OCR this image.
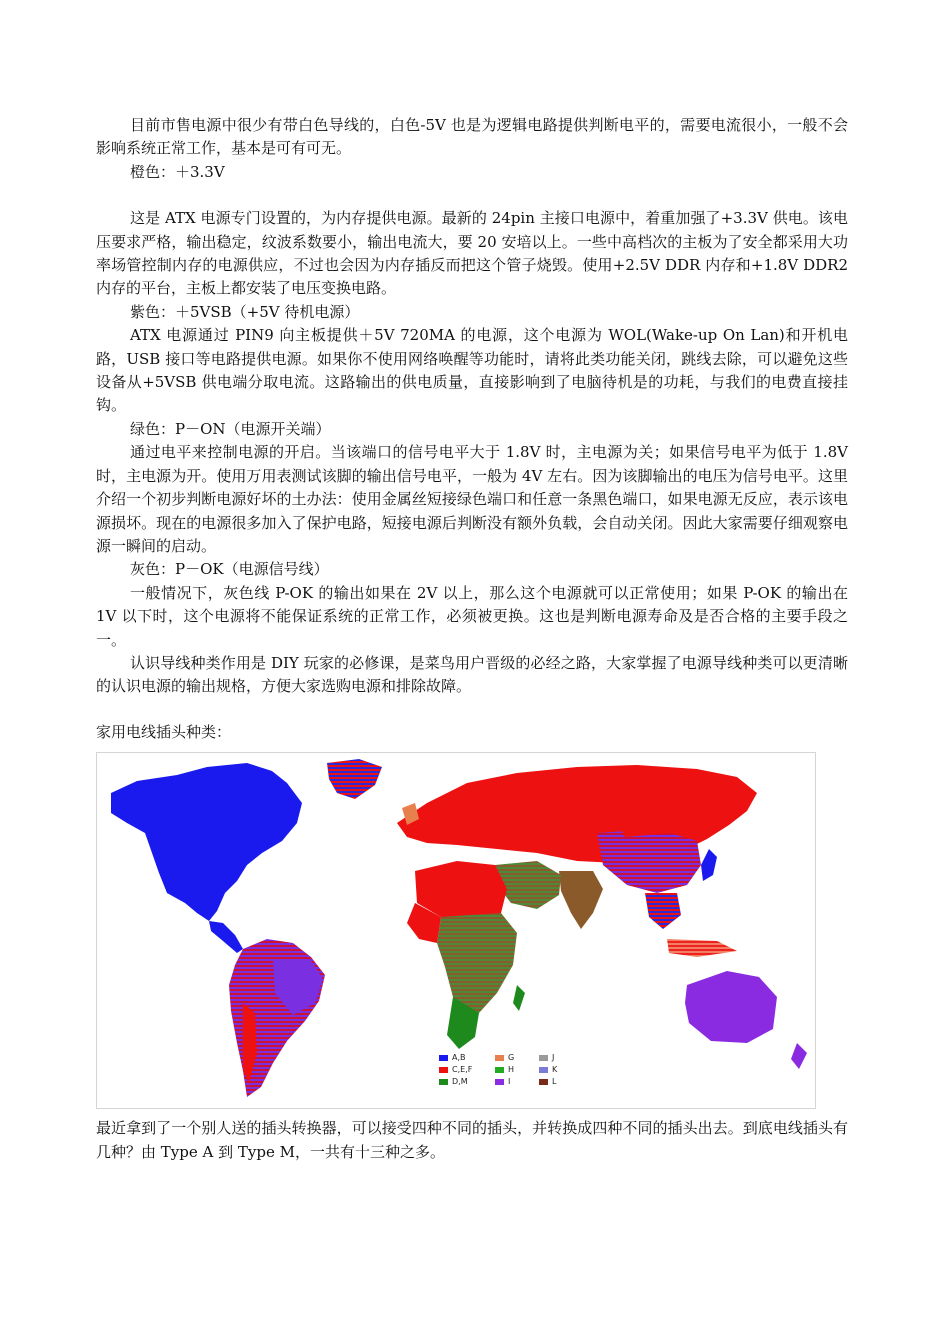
目前市售电源中很少有带白色导线的，白色-5V 也是为逻辑电路提供判断电平的，需要电流很小，一般不会影响系统正常工作，基本是可有可无。

橙色：＋3.3V

这是 ATX 电源专门设置的，为内存提供电源。最新的 24pin 主接口电源中，着重加强了+3.3V 供电。该电压要求严格，输出稳定，纹波系数要小，输出电流大，要 20 安培以上。一些中高档次的主板为了安全都采用大功率场管控制内存的电源供应，不过也会因为内存插反而把这个管子烧毁。使用+2.5V DDR 内存和+1.8V DDR2 内存的平台，主板上都安装了电压变换电路。

紫色：＋5VSB（+5V 待机电源）

ATX 电源通过 PIN9 向主板提供＋5V 720MA 的电源，这个电源为 WOL(Wake-up On Lan)和开机电路，USB 接口等电路提供电源。如果你不使用网络唤醒等功能时，请将此类功能关闭，跳线去除，可以避免这些设备从+5VSB 供电端分取电流。这路输出的供电质量，直接影响到了电脑待机是的功耗，与我们的电费直接挂钩。

绿色：P－ON（电源开关端）

通过电平来控制电源的开启。当该端口的信号电平大于 1.8V 时，主电源为关；如果信号电平为低于 1.8V 时，主电源为开。使用万用表测试该脚的输出信号电平，一般为 4V 左右。因为该脚输出的电压为信号电平。这里介绍一个初步判断电源好坏的土办法：使用金属丝短接绿色端口和任意一条黑色端口，如果电源无反应，表示该电源损坏。现在的电源很多加入了保护电路，短接电源后判断没有额外负载，会自动关闭。因此大家需要仔细观察电源一瞬间的启动。

灰色：P－OK（电源信号线）

一般情况下，灰色线 P-OK 的输出如果在 2V 以上，那么这个电源就可以正常使用；如果 P-OK 的输出在 1V 以下时，这个电源将不能保证系统的正常工作，必须被更换。这也是判断电源寿命及是否合格的主要手段之一。

认识导线种类作用是 DIY 玩家的必修课，是菜鸟用户晋级的必经之路，大家掌握了电源导线种类可以更清晰的认识电源的输出规格，方便大家选购电源和排除故障。

家用电线插头种类：

A,B
C,E,F
D,M
G
H
I
J
K
L

最近拿到了一个别人送的插头转换器，可以接受四种不同的插头，并转换成四种不同的插头出去。到底电线插头有几种？由 Type A 到 Type M，一共有十三种之多。
